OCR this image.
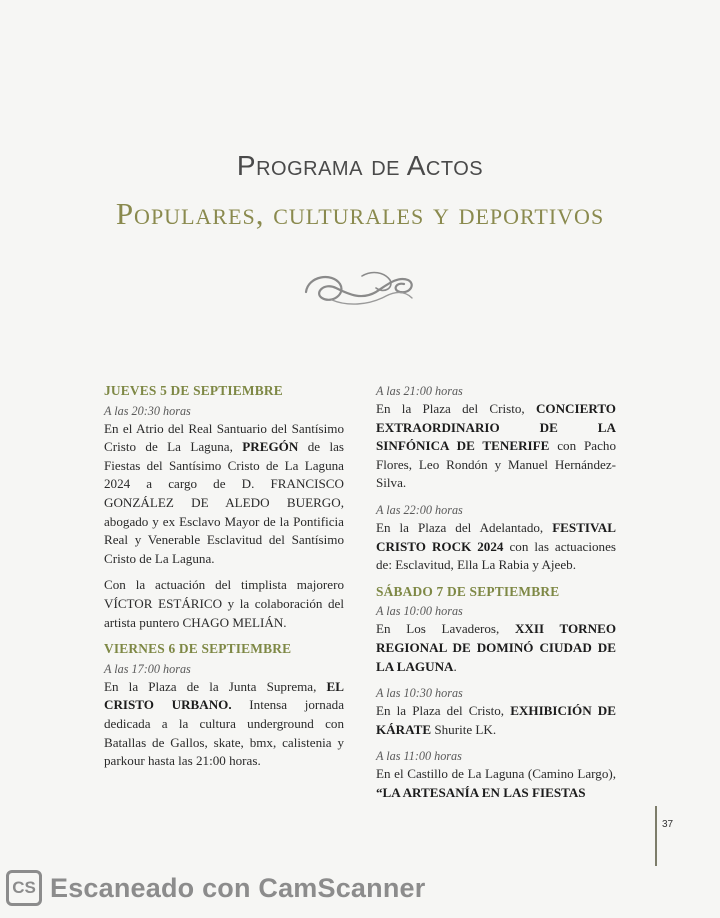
Programa de Actos
Populares, culturales y deportivos
JUEVES 5 DE SEPTIEMBRE
A las 20:30 horas
En el Atrio del Real Santuario del Santísimo Cristo de La Laguna, PREGÓN de las Fiestas del Santísimo Cristo de La Laguna 2024 a cargo de D. FRANCISCO GONZÁLEZ DE ALEDO BUERGO, abogado y ex Esclavo Mayor de la Pontificia Real y Venerable Esclavitud del Santísimo Cristo de La Laguna.
Con la actuación del timplista majorero VÍCTOR ESTÁRICO y la colaboración del artista puntero CHAGO MELIÁN.
VIERNES 6 DE SEPTIEMBRE
A las 17:00 horas
En la Plaza de la Junta Suprema, EL CRISTO URBANO. Intensa jornada dedicada a la cultura underground con Batallas de Gallos, skate, bmx, calistenia y parkour hasta las 21:00 horas.
A las 21:00 horas
En la Plaza del Cristo, CONCIERTO EXTRAORDINARIO DE LA SINFÓNICA DE TENERIFE con Pacho Flores, Leo Rondón y Manuel Hernández-Silva.
A las 22:00 horas
En la Plaza del Adelantado, FESTIVAL CRISTO ROCK 2024 con las actuaciones de: Esclavitud, Ella La Rabia y Ajeeb.
SÁBADO 7 DE SEPTIEMBRE
A las 10:00 horas
En Los Lavaderos, XXII TORNEO REGIONAL DE DOMINÓ CIUDAD DE LA LAGUNA.
A las 10:30 horas
En la Plaza del Cristo, EXHIBICIÓN DE KÁRATE Shurite LK.
A las 11:00 horas
En el Castillo de La Laguna (Camino Largo), “LA ARTESANÍA EN LAS FIESTAS
37
CS Escaneado con CamScanner
